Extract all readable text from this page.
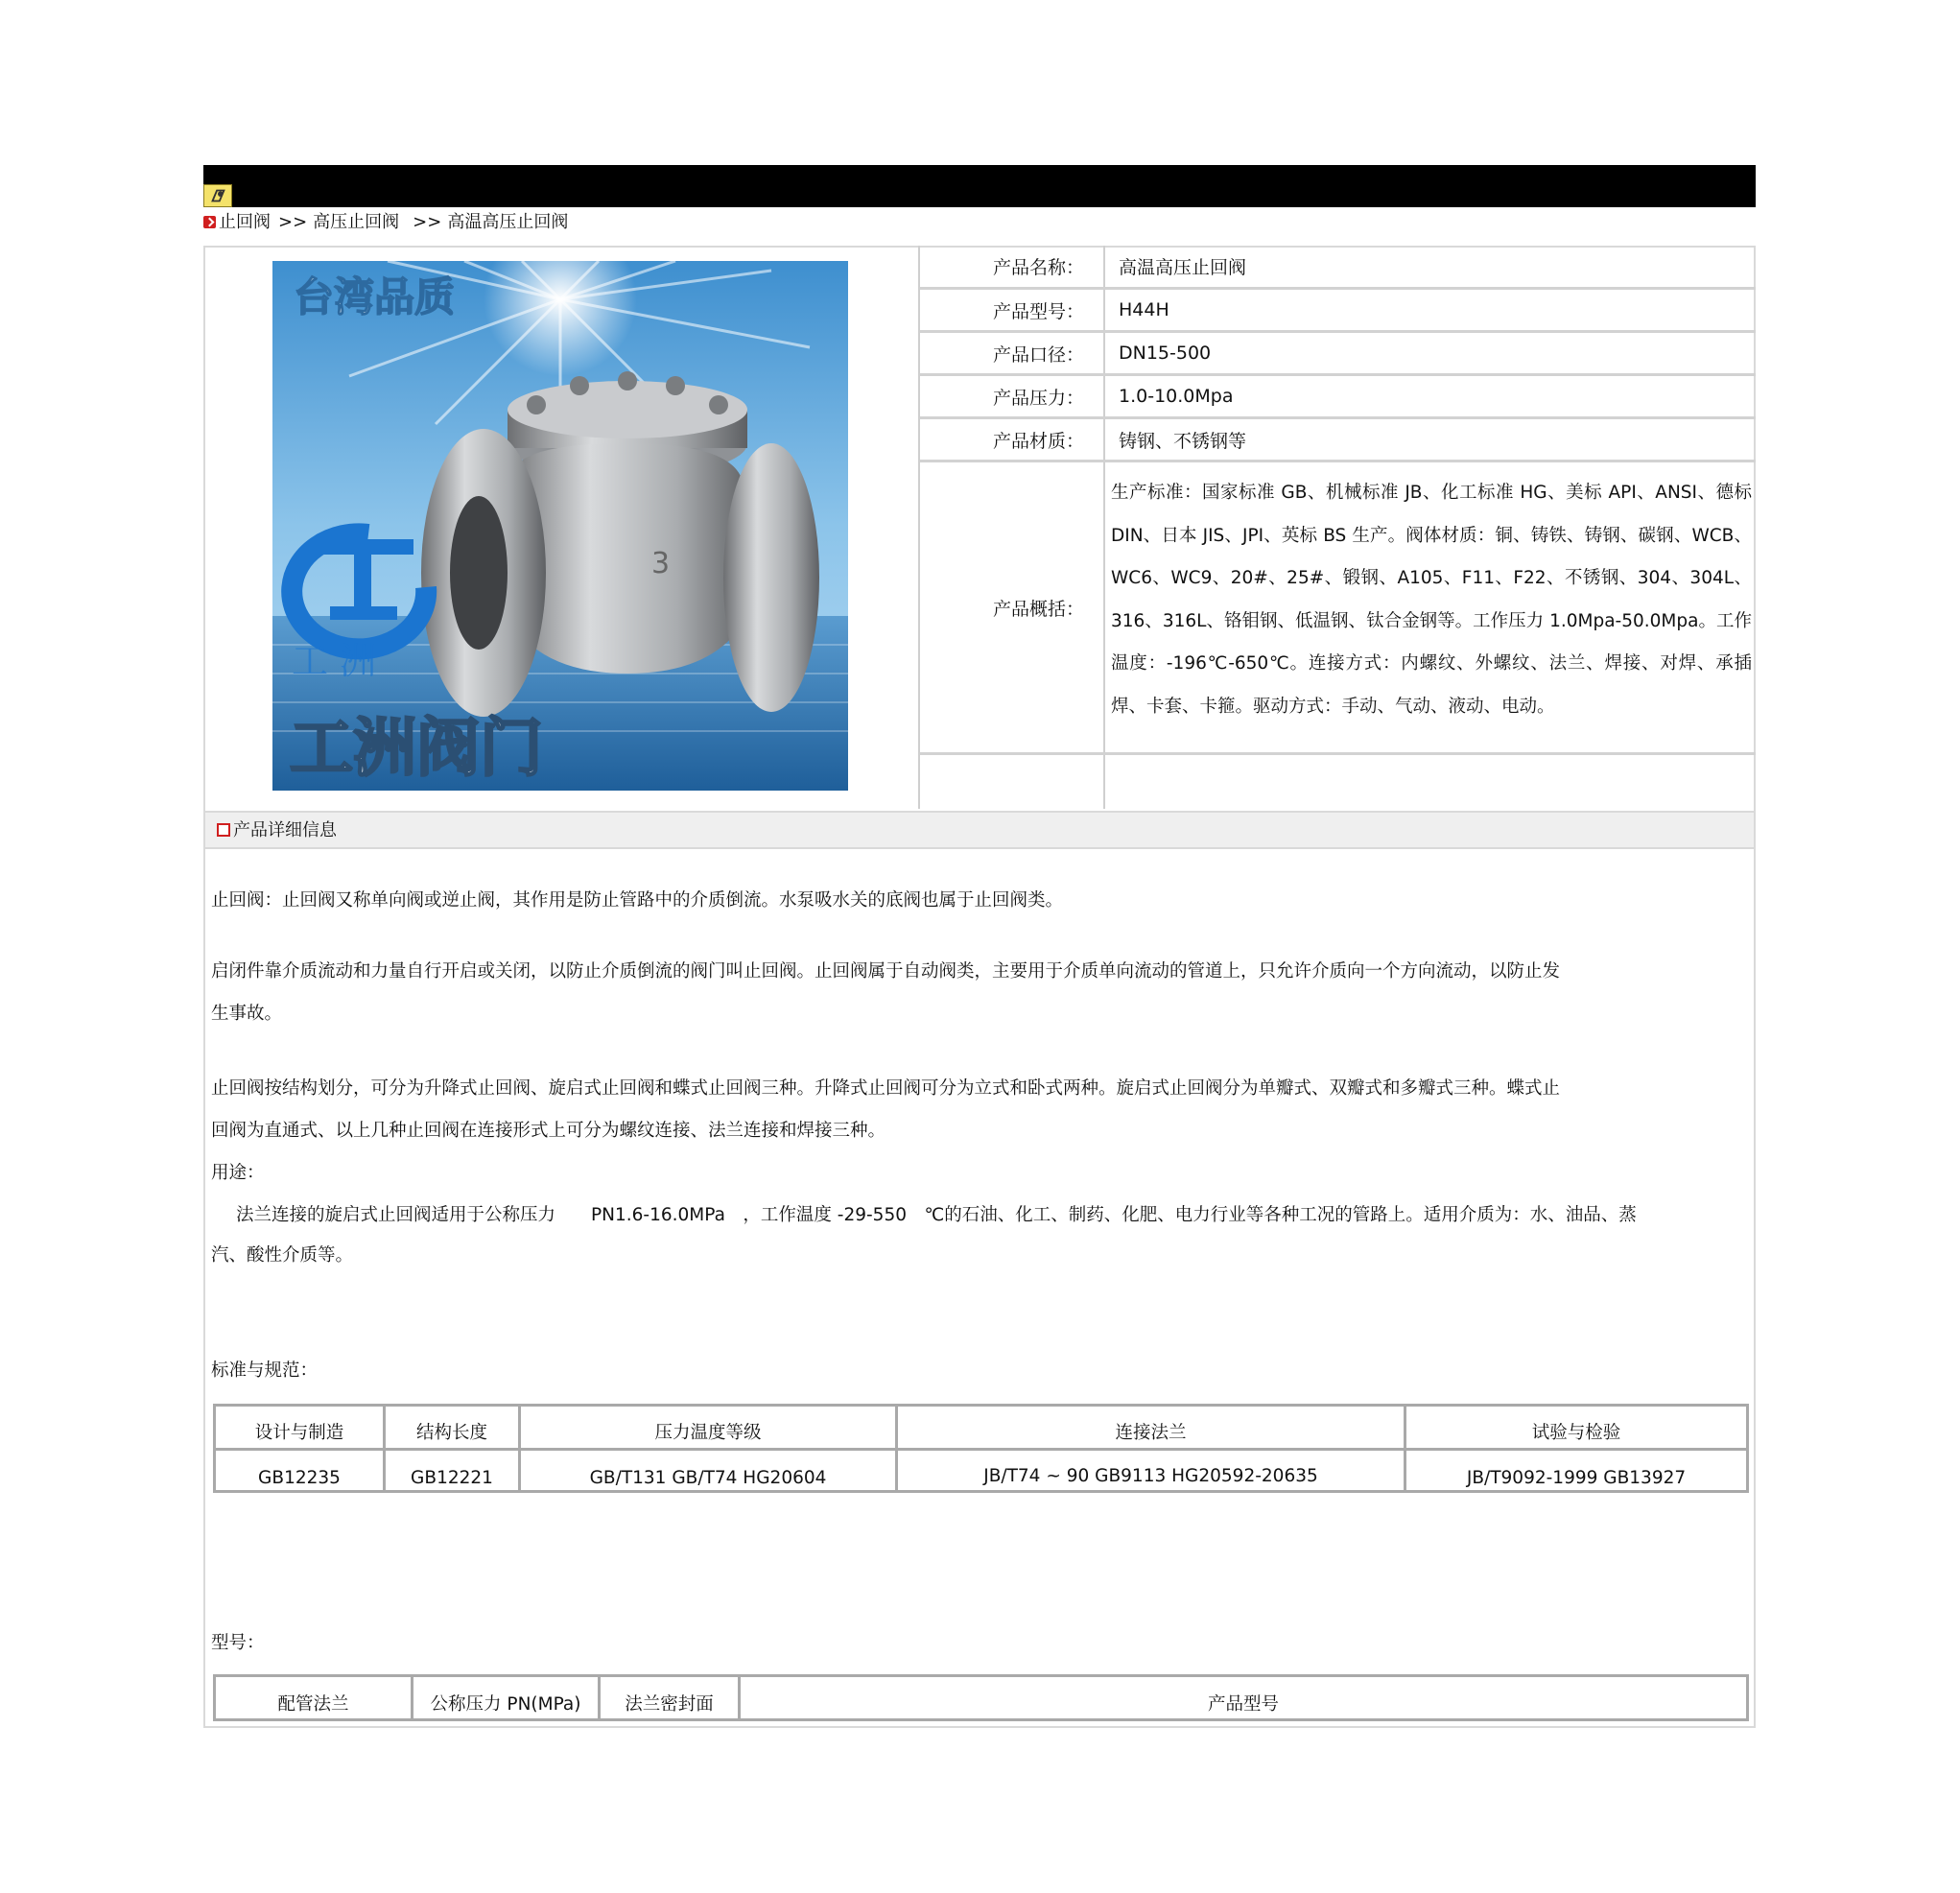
止回阀 >> 高压止回阀 >> 高温高压止回阀
3
台湾品质
工 洲
工洲阀门
产品名称：	高温高压止回阀
产品型号：	H44H
产品口径：	DN15-500
产品压力：	1.0-10.0Mpa
产品材质：	铸钢、不锈钢等
产品概括：
生产标准：国家标准 GB、机械标准 JB、化工标准 HG、美标 API、ANSI、德标 DIN、日本 JIS、JPI、英标 BS 生产。阀体材质：铜、铸铁、铸钢、碳钢、WCB、WC6、WC9、20#、25#、锻钢、A105、F11、F22、不锈钢、304、304L、316、316L、铬钼钢、低温钢、钛合金钢等。工作压力 1.0Mpa-50.0Mpa。工作温度：-196℃-650℃。连接方式：内螺纹、外螺纹、法兰、焊接、对焊、承插焊、卡套、卡箍。驱动方式：手动、气动、液动、电动。
产品详细信息
止回阀：止回阀又称单向阀或逆止阀，其作用是防止管路中的介质倒流。水泵吸水关的底阀也属于止回阀类。
启闭件靠介质流动和力量自行开启或关闭，以防止介质倒流的阀门叫止回阀。止回阀属于自动阀类，主要用于介质单向流动的管道上，只允许介质向一个方向流动，以防止发
生事故。
止回阀按结构划分，可分为升降式止回阀、旋启式止回阀和蝶式止回阀三种。升降式止回阀可分为立式和卧式两种。旋启式止回阀分为单瓣式、双瓣式和多瓣式三种。蝶式止
回阀为直通式、以上几种止回阀在连接形式上可分为螺纹连接、法兰连接和焊接三种。
用途：
法兰连接的旋启式止回阀适用于公称压力　　PN1.6-16.0MPa　，工作温度 -29-550　℃的石油、化工、制药、化肥、电力行业等各种工况的管路上。适用介质为：水、油品、蒸
汽、酸性介质等。
标准与规范：
设计与制造	结构长度	压力温度等级	连接法兰	试验与检验
GB12235	GB12221	GB/T131 GB/T74 HG20604	JB/T74 ~ 90 GB9113 HG20592-20635	JB/T9092-1999 GB13927
型号：
配管法兰	公称压力 PN(MPa)	法兰密封面	产品型号
